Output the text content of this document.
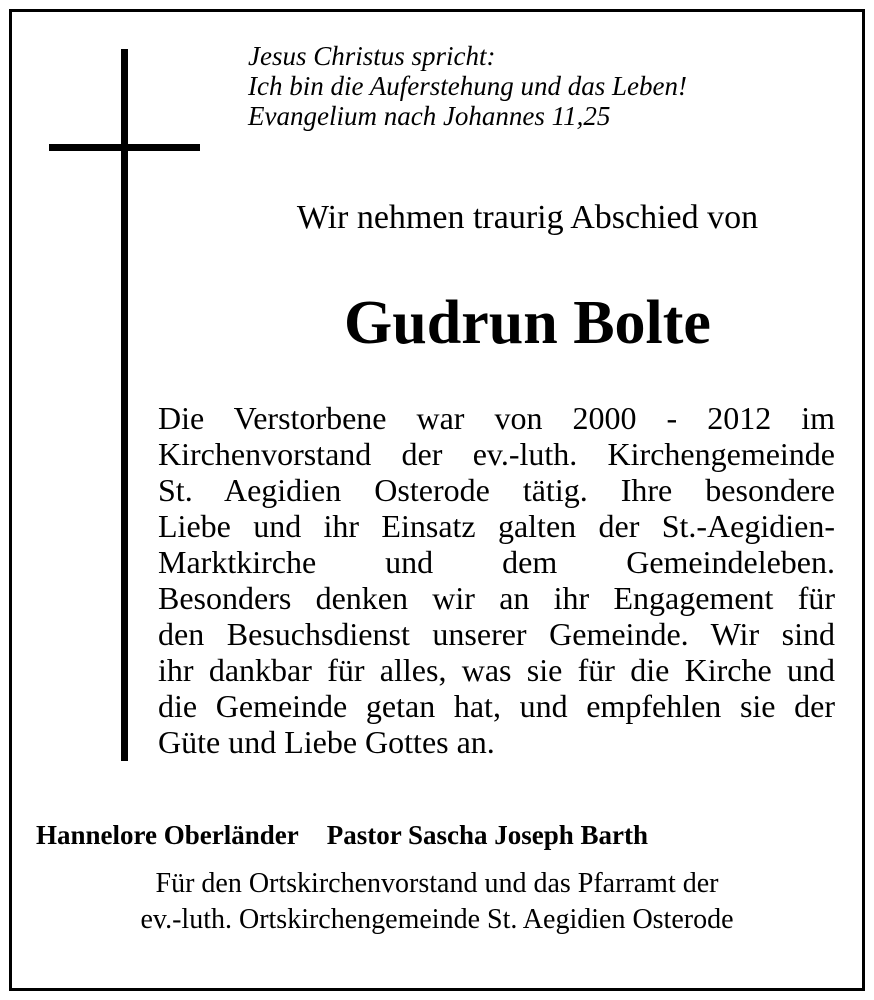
Jesus Christus spricht:
Ich bin die Auferstehung und das Leben!
Evangelium nach Johannes 11,25
Wir nehmen traurig Abschied von
Gudrun Bolte
Die Verstorbene war von 2000 - 2012 im
Kirchenvorstand der ev.-luth. Kirchengemeinde
St. Aegidien Osterode tätig. Ihre besondere
Liebe und ihr Einsatz galten der St.-Aegidien-
Marktkirche und dem Gemeindeleben.
Besonders denken wir an ihr Engagement für
den Besuchsdienst unserer Gemeinde. Wir sind
ihr dankbar für alles, was sie für die Kirche und
die Gemeinde getan hat, und empfehlen sie der
Güte und Liebe Gottes an.
Hannelore Oberländer Pastor Sascha Joseph Barth
Für den Ortskirchenvorstand und das Pfarramt der
ev.-luth. Ortskirchengemeinde St. Aegidien Osterode
